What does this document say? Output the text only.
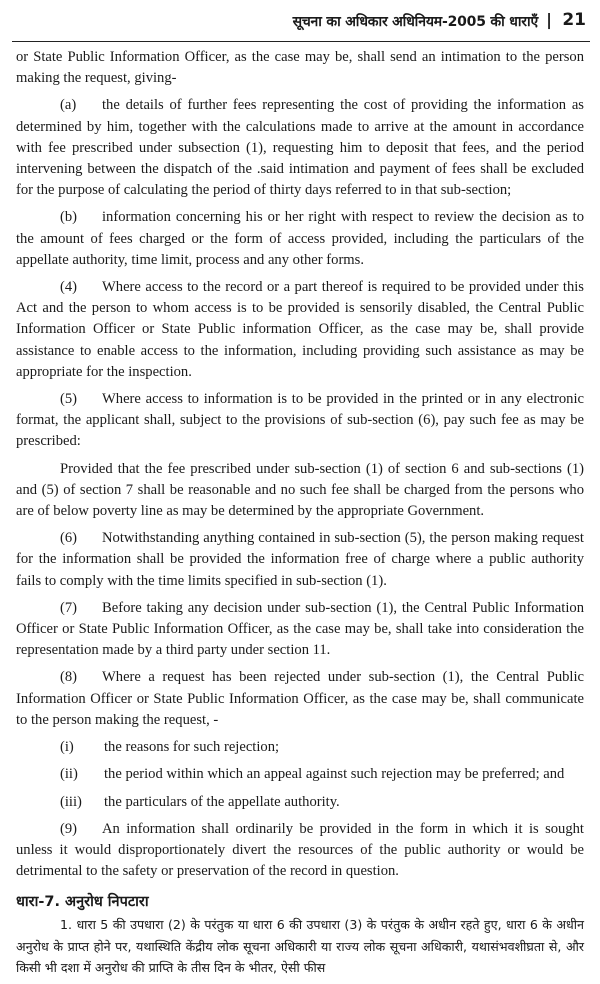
सूचना का अधिकार अधिनियम-2005 की धाराएँ | 21

or State Public Information Officer, as the case may be, shall send an intimation to the person making the request, giving-

(a) the details of further fees representing the cost of providing the information as determined by him, together with the calculations made to arrive at the amount in accordance with fee prescribed under subsection (1), requesting him to deposit that fees, and the period intervening between the dispatch of the .said intimation and payment of fees shall be excluded for the purpose of calculating the period of thirty days referred to in that sub-section;

(b) information concerning his or her right with respect to review the decision as to the amount of fees charged or the form of access provided, including the particulars of the appellate authority, time limit, process and any other forms.

(4) Where access to the record or a part thereof is required to be provided under this Act and the person to whom access is to be provided is sensorily disabled, the Central Public Information Officer or State Public information Officer, as the case may be, shall provide assistance to enable access to the information, including providing such assistance as may be appropriate for the inspection.

(5) Where access to information is to be provided in the printed or in any electronic format, the applicant shall, subject to the provisions of sub-section (6), pay such fee as may be prescribed:

Provided that the fee prescribed under sub-section (1) of section 6 and sub-sections (1) and (5) of section 7 shall be reasonable and no such fee shall be charged from the persons who are of below poverty line as may be determined by the appropriate Government.

(6) Notwithstanding anything contained in sub-section (5), the person making request for the information shall be provided the information free of charge where a public authority fails to comply with the time limits specified in sub-section (1).

(7) Before taking any decision under sub-section (1), the Central Public Information Officer or State Public Information Officer, as the case may be, shall take into consideration the representation made by a third party under section 11.

(8) Where a request has been rejected under sub-section (1), the Central Public Information Officer or State Public Information Officer, as the case may be, shall communicate to the person making the request, -

(i) the reasons for such rejection;

(ii) the period within which an appeal against such rejection may be preferred; and

(iii) the particulars of the appellate authority.

(9) An information shall ordinarily be provided in the form in which it is sought unless it would disproportionately divert the resources of the public authority or would be detrimental to the safety or preservation of the record in question.

धारा-7. अनुरोध निपटारा

1. धारा 5 की उपधारा (2) के परंतुक या धारा 6 की उपधारा (3) के परंतुक के अधीन रहते हुए, धारा 6 के अधीन अनुरोध के प्राप्त होने पर, यथास्थिति केंद्रीय लोक सूचना अधिकारी या राज्य लोक सूचना अधिकारी, यथासंभवशीघ्रता से, और किसी भी दशा में अनुरोध की प्राप्ति के तीस दिन के भीतर, ऐसी फीस
